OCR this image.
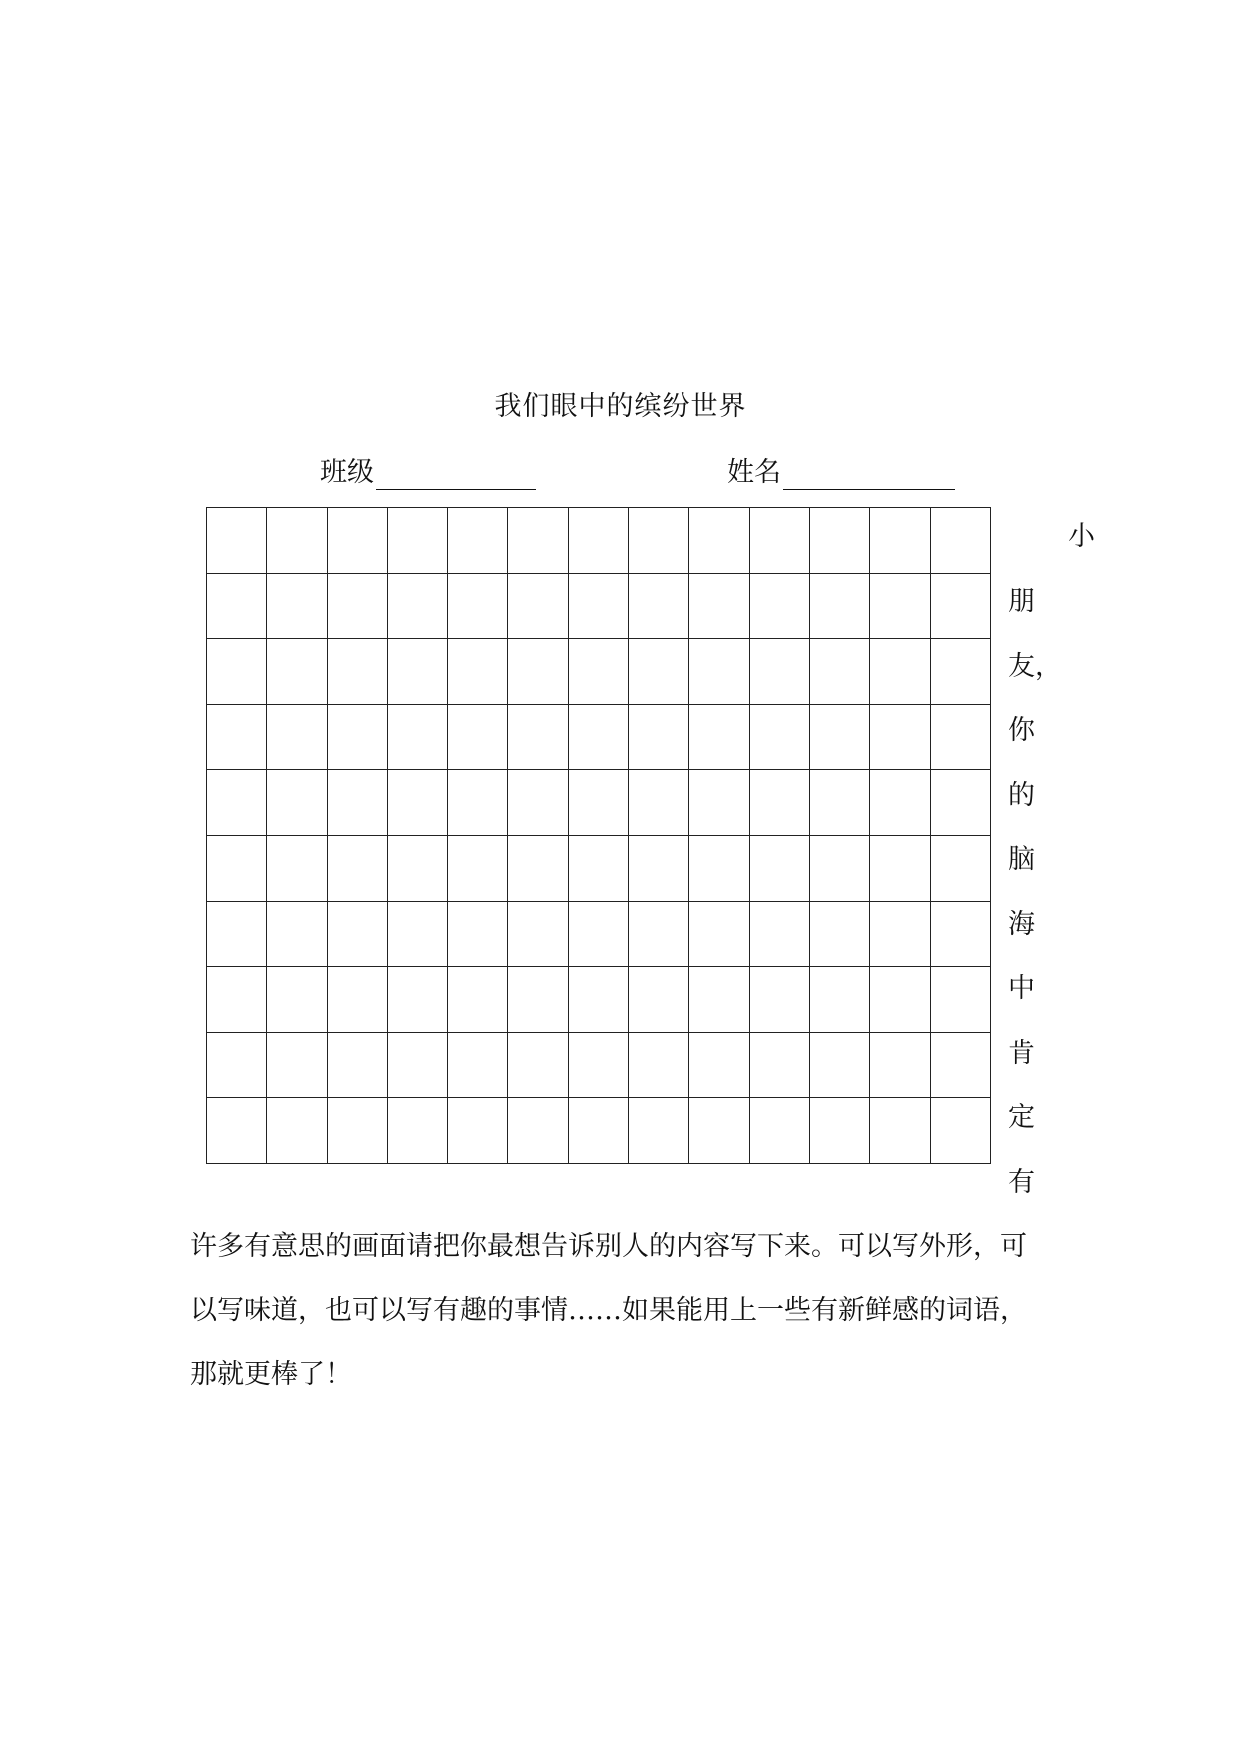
我们眼中的缤纷世界
班级	姓名

小
朋
友，
你
的
脑
海
中
肯
定
有
许多有意思的画面请把你最想告诉别人的内容写下来。可以写外形，可
以写味道，也可以写有趣的事情……如果能用上一些有新鲜感的词语，
那就更棒了！
